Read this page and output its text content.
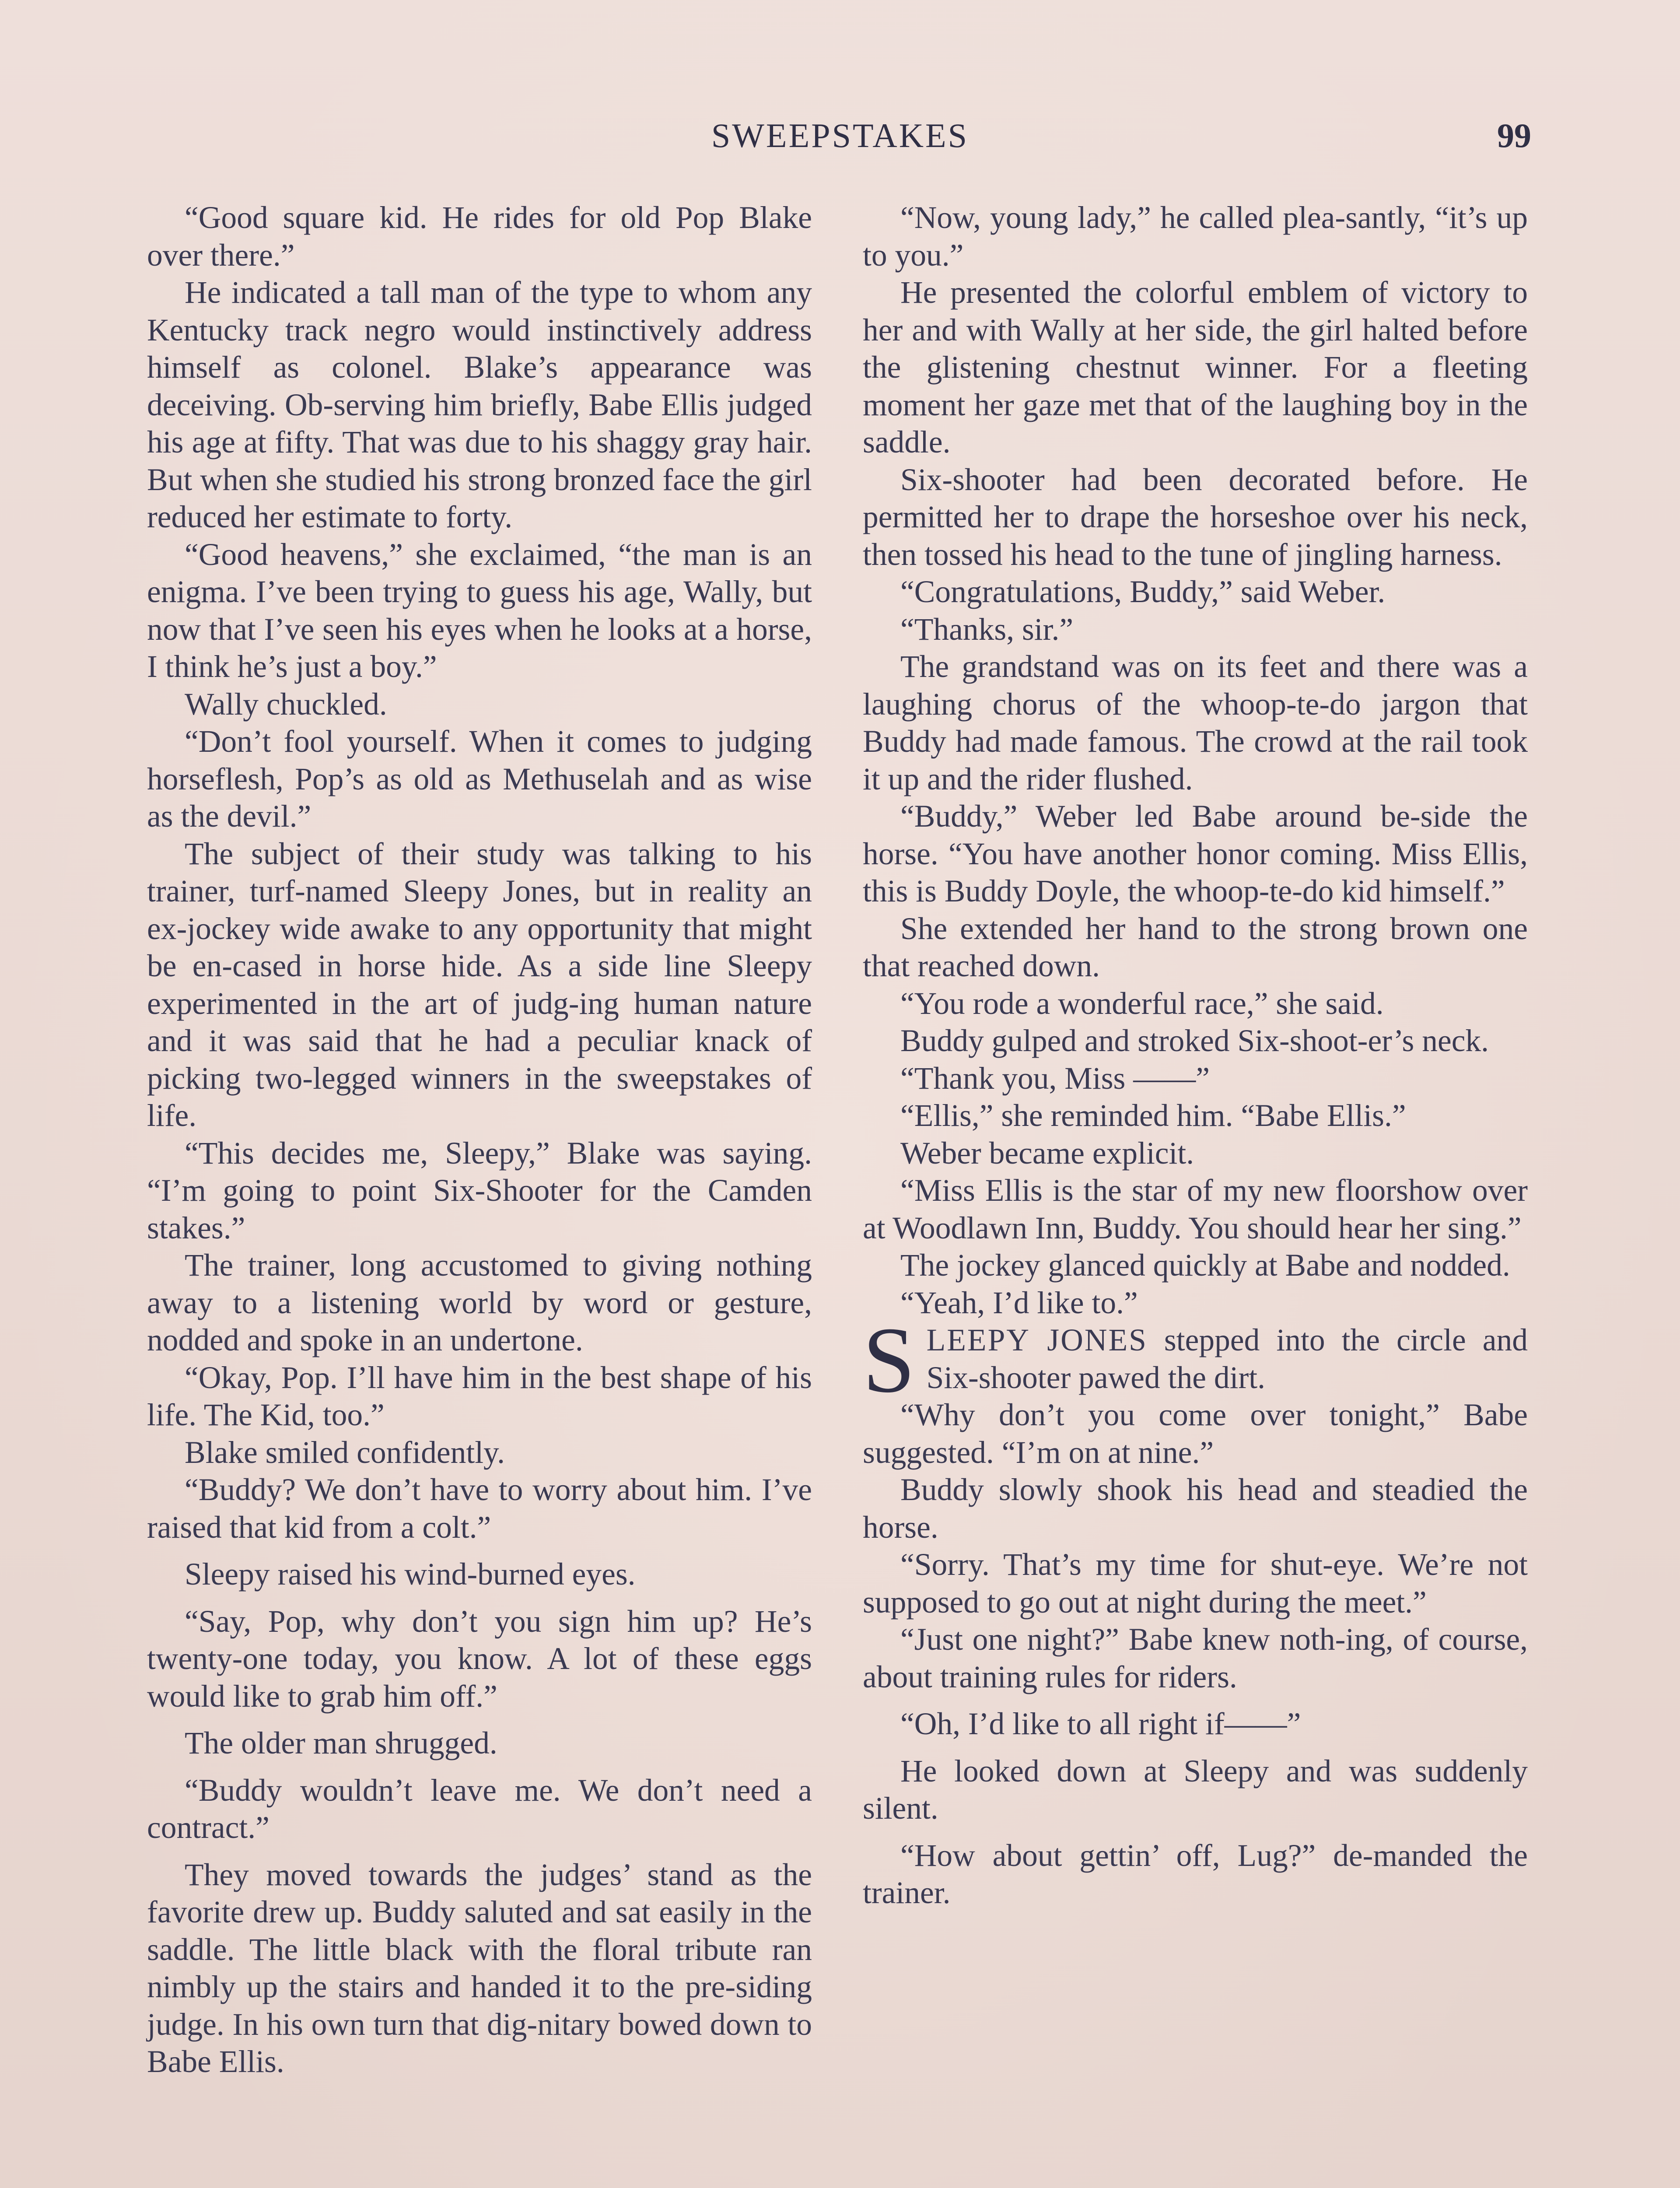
SWEEPSTAKES	99

“Good square kid. He rides for old Pop Blake over there.”

He indicated a tall man of the type to whom any Kentucky track negro would instinctively address himself as colonel. Blake’s appearance was deceiving. Ob-serving him briefly, Babe Ellis judged his age at fifty. That was due to his shaggy gray hair. But when she studied his strong bronzed face the girl reduced her estimate to forty.

“Good heavens,” she exclaimed, “the man is an enigma. I’ve been trying to guess his age, Wally, but now that I’ve seen his eyes when he looks at a horse, I think he’s just a boy.”

Wally chuckled.

“Don’t fool yourself. When it comes to judging horseflesh, Pop’s as old as Methuselah and as wise as the devil.”

The subject of their study was talking to his trainer, turf-named Sleepy Jones, but in reality an ex-jockey wide awake to any opportunity that might be en-cased in horse hide. As a side line Sleepy experimented in the art of judg-ing human nature and it was said that he had a peculiar knack of picking two-legged winners in the sweepstakes of life.

“This decides me, Sleepy,” Blake was saying. “I’m going to point Six-Shooter for the Camden stakes.”

The trainer, long accustomed to giving nothing away to a listening world by word or gesture, nodded and spoke in an undertone.

“Okay, Pop. I’ll have him in the best shape of his life. The Kid, too.”

Blake smiled confidently.

“Buddy? We don’t have to worry about him. I’ve raised that kid from a colt.”

Sleepy raised his wind-burned eyes.

“Say, Pop, why don’t you sign him up? He’s twenty-one today, you know. A lot of these eggs would like to grab him off.”

The older man shrugged.

“Buddy wouldn’t leave me. We don’t need a contract.”

They moved towards the judges’ stand as the favorite drew up. Buddy saluted and sat easily in the saddle. The little black with the floral tribute ran nimbly up the stairs and handed it to the pre-siding judge. In his own turn that dig-nitary bowed down to Babe Ellis.

“Now, young lady,” he called plea-santly, “it’s up to you.”

He presented the colorful emblem of victory to her and with Wally at her side, the girl halted before the glistening chestnut winner. For a fleeting moment her gaze met that of the laughing boy in the saddle.

Six-shooter had been decorated before. He permitted her to drape the horseshoe over his neck, then tossed his head to the tune of jingling harness.

“Congratulations, Buddy,” said Weber.

“Thanks, sir.”

The grandstand was on its feet and there was a laughing chorus of the whoop-te-do jargon that Buddy had made famous. The crowd at the rail took it up and the rider flushed.

“Buddy,” Weber led Babe around be-side the horse. “You have another honor coming. Miss Ellis, this is Buddy Doyle, the whoop-te-do kid himself.”

She extended her hand to the strong brown one that reached down.

“You rode a wonderful race,” she said.

Buddy gulped and stroked Six-shoot-er’s neck.

“Thank you, Miss ——”

“Ellis,” she reminded him. “Babe Ellis.”

Weber became explicit.

“Miss Ellis is the star of my new floorshow over at Woodlawn Inn, Buddy. You should hear her sing.”

The jockey glanced quickly at Babe and nodded.

“Yeah, I’d like to.”

SLEEPY JONES stepped into the circle and Six-shooter pawed the dirt.

“Why don’t you come over tonight,” Babe suggested. “I’m on at nine.”

Buddy slowly shook his head and steadied the horse.

“Sorry. That’s my time for shut-eye. We’re not supposed to go out at night during the meet.”

“Just one night?” Babe knew noth-ing, of course, about training rules for riders.

“Oh, I’d like to all right if——”

He looked down at Sleepy and was suddenly silent.

“How about gettin’ off, Lug?” de-manded the trainer.
